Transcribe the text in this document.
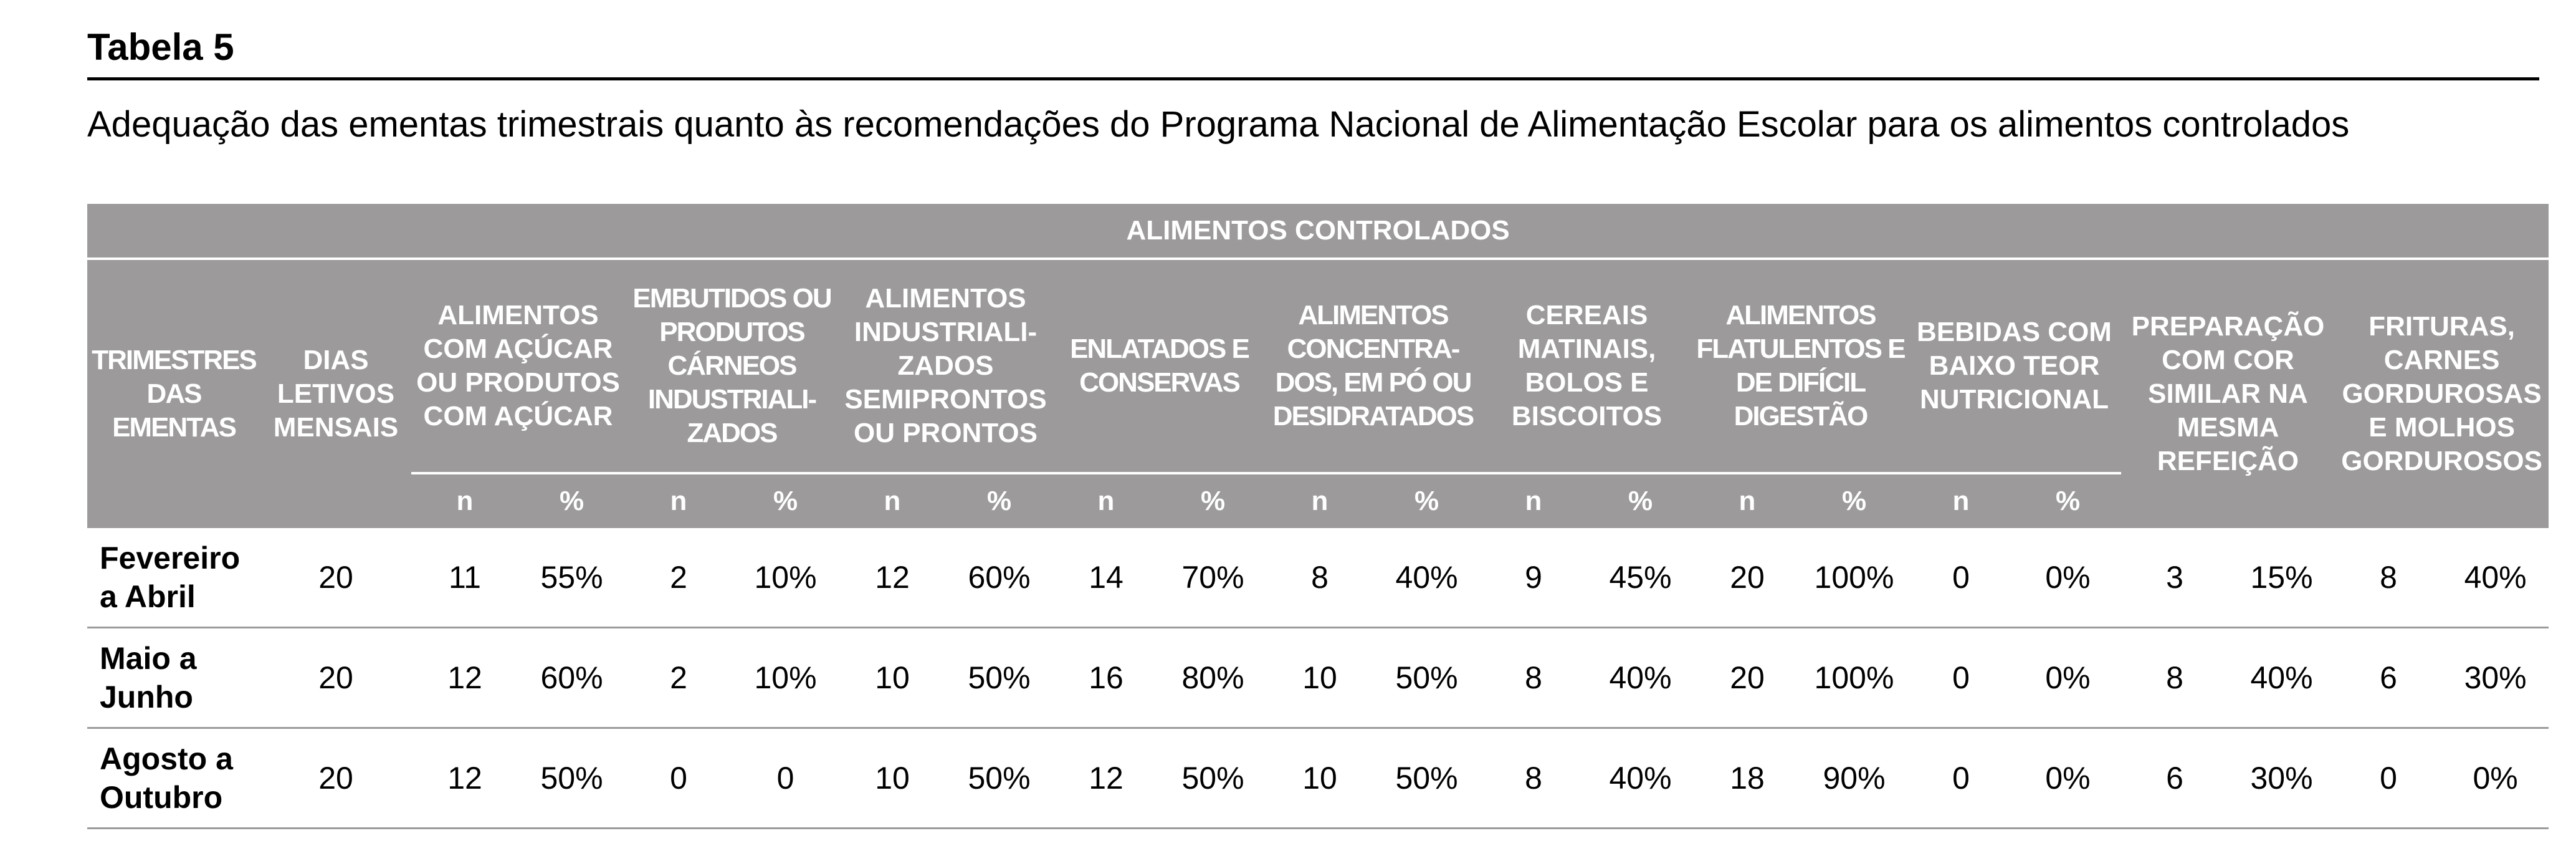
Tabela 5
Adequação das ementas trimestrais quanto às recomendações do Programa Nacional de Alimentação Escolar para os alimentos controlados
ALIMENTOS CONTROLADOS																					
TRIMESTRES DAS EMENTAS	DIAS LETIVOS MENSAIS	ALIMENTOS COM AÇÚCAR OU PRODUTOS COM AÇÚCAR		EMBUTIDOS OU PRODUTOS CÁRNEOS INDUSTRIALI-ZADOS		ALIMENTOS INDUSTRIALI-ZADOS SEMIPRONTOS OU PRONTOS		ENLATADOS E CONSERVAS		ALIMENTOS CONCENTRA-DOS, EM PÓ OU DESIDRATADOS		CEREAIS MATINAIS, BOLOS E BISCOITOS		ALIMENTOS FLATULENTOS E DE DIFÍCIL DIGESTÃO		BEBIDAS COM BAIXO TEOR NUTRICIONAL		PREPARAÇÃO COM COR SIMILAR NA MESMA REFEIÇÃO		FRITURAS, CARNES GORDUROSAS E MOLHOS GORDUROSOS	
		n	%	n	%	n	%	n	%	n	%	n	%	n	%	n	%				
Fevereiro a Abril	20	11	55%	2	10%	12	60%	14	70%	8	40%	9	45%	20	100%	0	0%	3	15%	8	40%
Maio a Junho	20	12	60%	2	10%	10	50%	16	80%	10	50%	8	40%	20	100%	0	0%	8	40%	6	30%
Agosto a Outubro	20	12	50%	0	0	10	50%	12	50%	10	50%	8	40%	18	90%	0	0%	6	30%	0	0%
